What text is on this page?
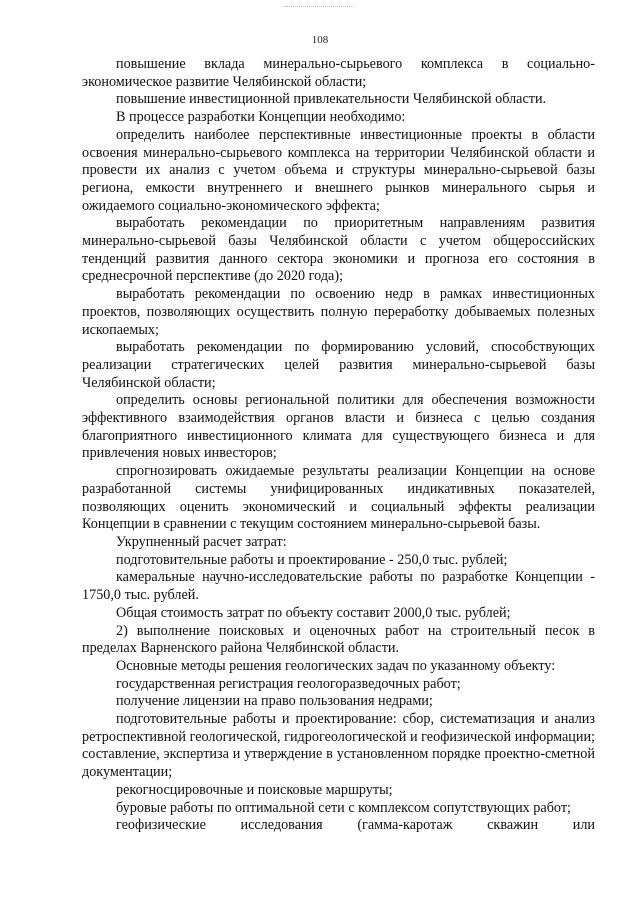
108

повышение вклада минерально-сырьевого комплекса в социально-экономическое развитие Челябинской области;

повышение инвестиционной привлекательности Челябинской области.

В процессе разработки Концепции необходимо:

определить наиболее перспективные инвестиционные проекты в области освоения минерально-сырьевого комплекса на территории Челябинской области и провести их анализ с учетом объема и структуры минерально-сырьевой базы региона, емкости внутреннего и внешнего рынков минерального сырья и ожидаемого социально-экономического эффекта;

выработать рекомендации по приоритетным направлениям развития минерально-сырьевой базы Челябинской области с учетом общероссийских тенденций развития данного сектора экономики и прогноза его состояния в среднесрочной перспективе (до 2020 года);

выработать рекомендации по освоению недр в рамках инвестиционных проектов, позволяющих осуществить полную переработку добываемых полезных ископаемых;

выработать рекомендации по формированию условий, способствующих реализации стратегических целей развития минерально-сырьевой базы Челябинской области;

определить основы региональной политики для обеспечения возможности эффективного взаимодействия органов власти и бизнеса с целью создания благоприятного инвестиционного климата для существующего бизнеса и для привлечения новых инвесторов;

спрогнозировать ожидаемые результаты реализации Концепции на основе разработанной системы унифицированных индикативных показателей, позволяющих оценить экономический и социальный эффекты реализации Концепции в сравнении с текущим состоянием минерально-сырьевой базы.

Укрупненный расчет затрат:

подготовительные работы и проектирование - 250,0 тыс. рублей;

камеральные научно-исследовательские работы по разработке Концепции - 1750,0 тыс. рублей.

Общая стоимость затрат по объекту составит 2000,0 тыс. рублей;

2) выполнение поисковых и оценочных работ на строительный песок в пределах Варненского района Челябинской области.

Основные методы решения геологических задач по указанному объекту:

государственная регистрация геологоразведочных работ;

получение лицензии на право пользования недрами;

подготовительные работы и проектирование: сбор, систематизация и анализ ретроспективной геологической, гидрогеологической и геофизической информации; составление, экспертиза и утверждение в установленном порядке проектно-сметной документации;

рекогносцировочные и поисковые маршруты;

буровые работы по оптимальной сети с комплексом сопутствующих работ;

геофизические исследования (гамма-каротаж скважин или
